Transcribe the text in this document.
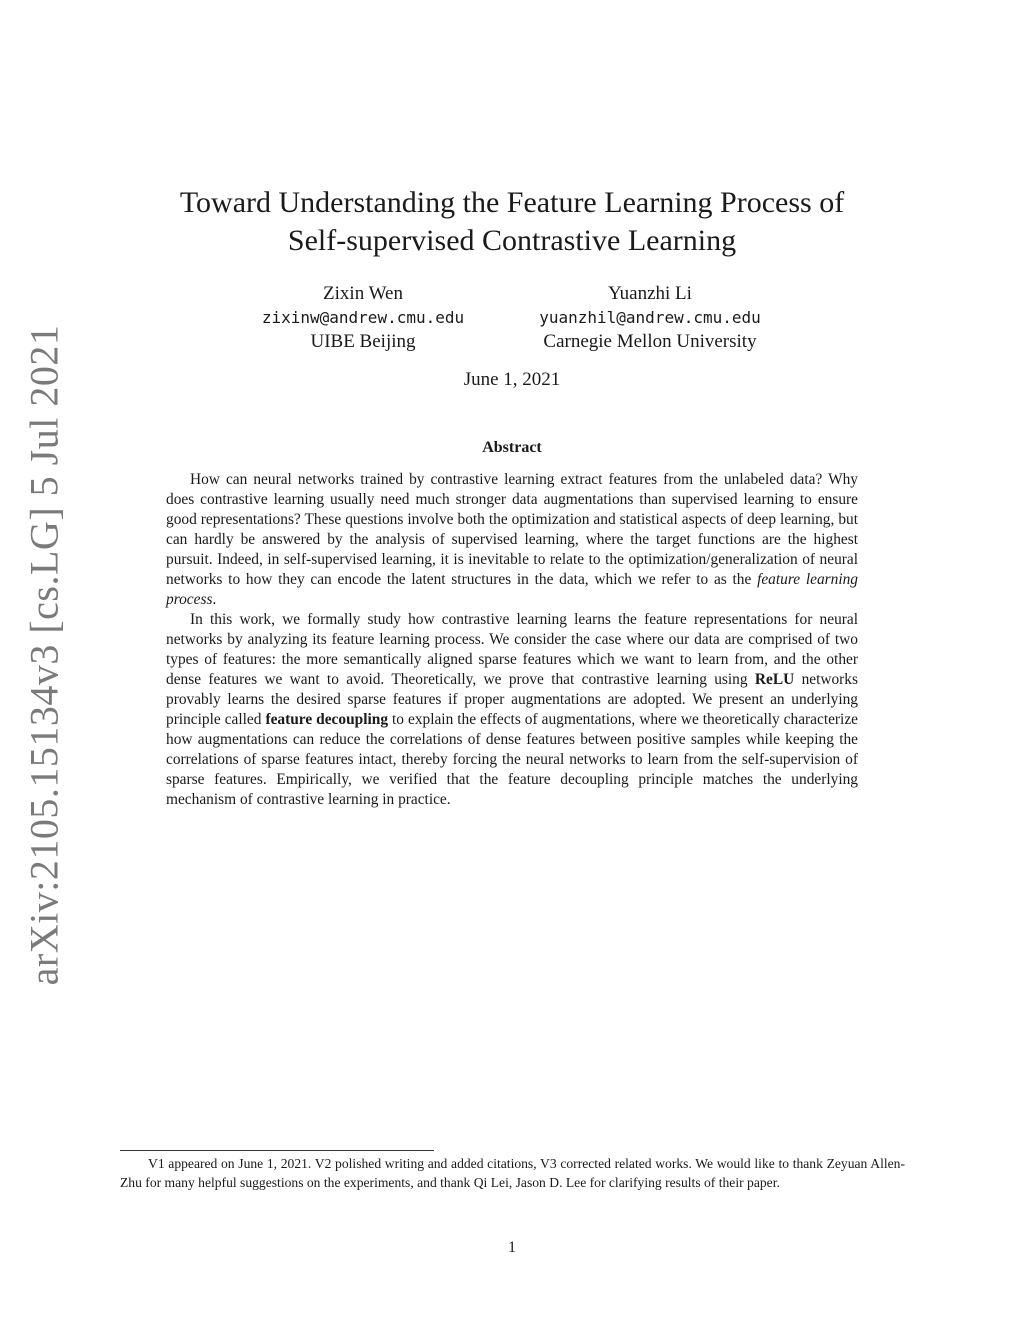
arXiv:2105.15134v3 [cs.LG] 5 Jul 2021
Toward Understanding the Feature Learning Process of
Self-supervised Contrastive Learning
Zixin Wen
zixinw@andrew.cmu.edu
UIBE Beijing
Yuanzhi Li
yuanzhil@andrew.cmu.edu
Carnegie Mellon University
June 1, 2021
Abstract

How can neural networks trained by contrastive learning extract features from the unlabeled data? Why does contrastive learning usually need much stronger data augmentations than supervised learning to ensure good representations? These questions involve both the optimization and statistical aspects of deep learning, but can hardly be answered by the analysis of supervised learning, where the target functions are the highest pursuit. Indeed, in self-supervised learning, it is inevitable to relate to the optimization/generalization of neural networks to how they can encode the latent structures in the data, which we refer to as the feature learning process.

In this work, we formally study how contrastive learning learns the feature representations for neural networks by analyzing its feature learning process. We consider the case where our data are comprised of two types of features: the more semantically aligned sparse features which we want to learn from, and the other dense features we want to avoid. Theoretically, we prove that contrastive learning using ReLU networks provably learns the desired sparse features if proper augmentations are adopted. We present an underlying principle called feature decoupling to explain the effects of augmentations, where we theoretically characterize how augmentations can reduce the correlations of dense features between positive samples while keeping the correlations of sparse features intact, thereby forcing the neural networks to learn from the self-supervision of sparse features. Empirically, we verified that the feature decoupling principle matches the underlying mechanism of contrastive learning in practice.

V1 appeared on June 1, 2021. V2 polished writing and added citations, V3 corrected related works. We would like to thank Zeyuan Allen-Zhu for many helpful suggestions on the experiments, and thank Qi Lei, Jason D. Lee for clarifying results of their paper.
1
